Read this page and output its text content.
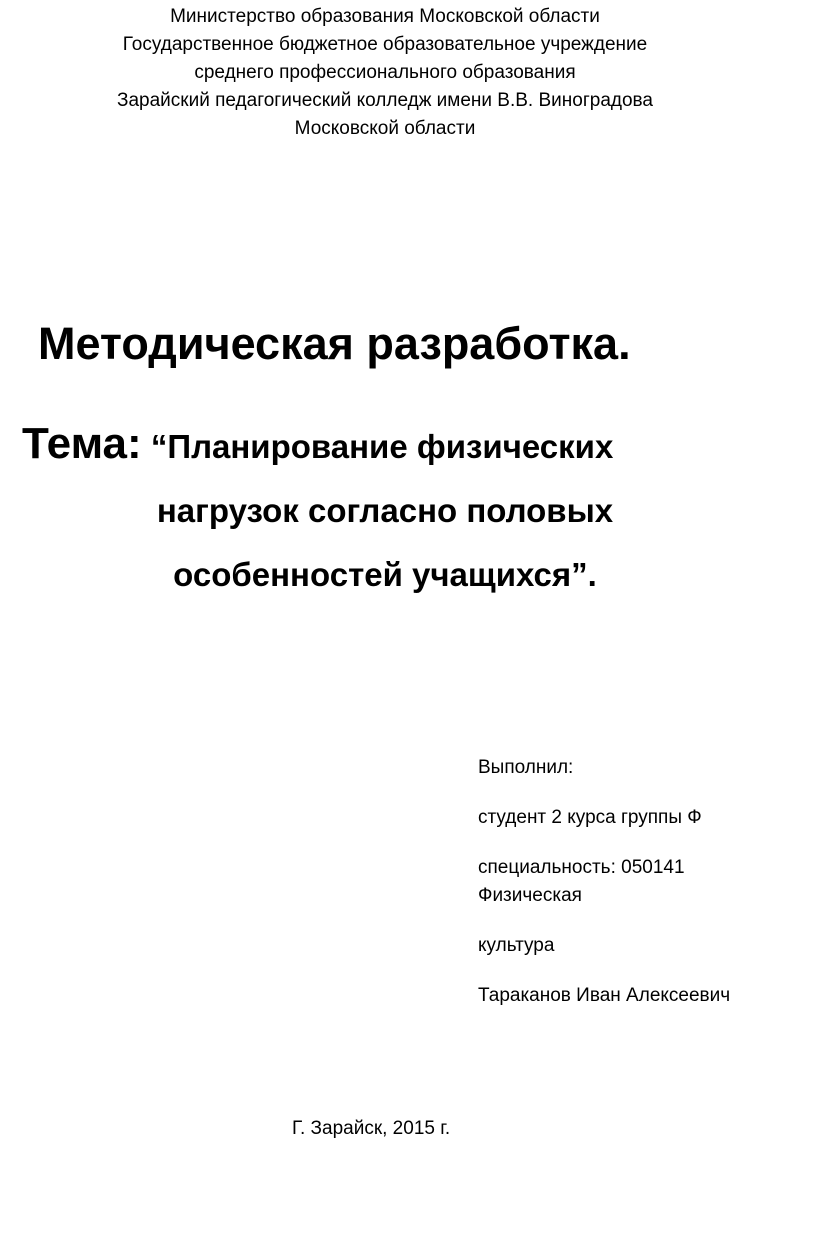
Министерство образования Московской области
Государственное бюджетное образовательное учреждение
среднего профессионального образования
Зарайский педагогический колледж имени В.В. Виноградова
Московской области
Методическая разработка.
Тема: “Планирование физических
нагрузок согласно половых
особенностей учащихся”.
Выполнил:
студент 2 курса группы Ф
специальность: 050141
Физическая
культура
Тараканов Иван Алексеевич
Г. Зарайск, 2015 г.
